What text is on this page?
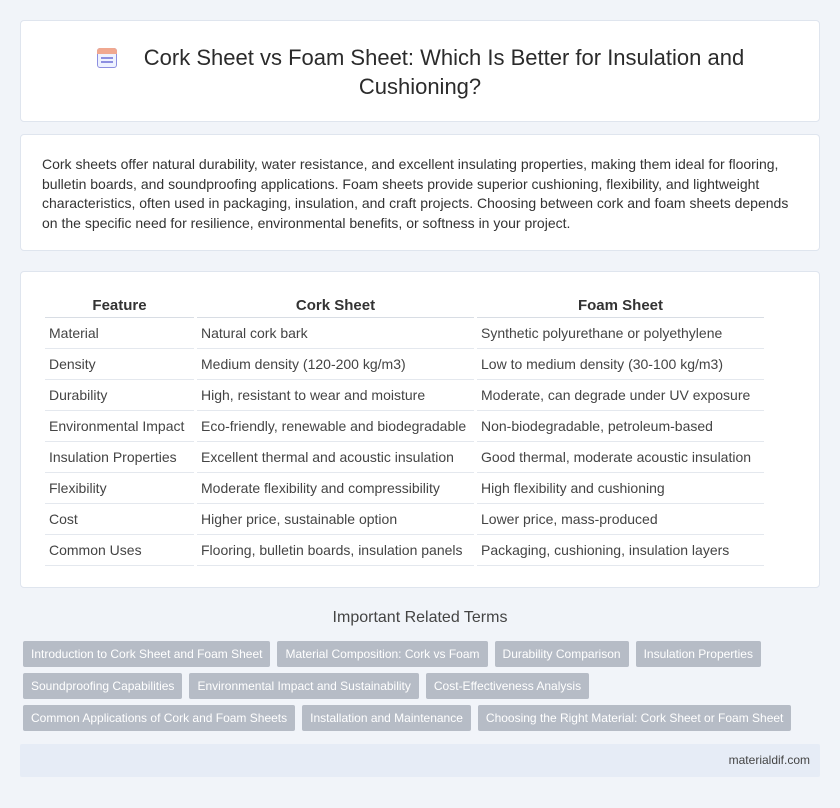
Cork Sheet vs Foam Sheet: Which Is Better for Insulation and Cushioning?

Cork sheets offer natural durability, water resistance, and excellent insulating properties, making them ideal for flooring, bulletin boards, and soundproofing applications. Foam sheets provide superior cushioning, flexibility, and lightweight characteristics, often used in packaging, insulation, and craft projects. Choosing between cork and foam sheets depends on the specific need for resilience, environmental benefits, or softness in your project.

Feature	Cork Sheet	Foam Sheet
Material	Natural cork bark	Synthetic polyurethane or polyethylene
Density	Medium density (120-200 kg/m3)	Low to medium density (30-100 kg/m3)
Durability	High, resistant to wear and moisture	Moderate, can degrade under UV exposure
Environmental Impact	Eco-friendly, renewable and biodegradable	Non-biodegradable, petroleum-based
Insulation Properties	Excellent thermal and acoustic insulation	Good thermal, moderate acoustic insulation
Flexibility	Moderate flexibility and compressibility	High flexibility and cushioning
Cost	Higher price, sustainable option	Lower price, mass-produced
Common Uses	Flooring, bulletin boards, insulation panels	Packaging, cushioning, insulation layers
Important Related Terms
Introduction to Cork Sheet and Foam Sheet	Material Composition: Cork vs Foam	Durability Comparison	Insulation Properties
Soundproofing Capabilities	Environmental Impact and Sustainability	Cost-Effectiveness Analysis
Common Applications of Cork and Foam Sheets	Installation and Maintenance	Choosing the Right Material: Cork Sheet or Foam Sheet
materialdif.com
